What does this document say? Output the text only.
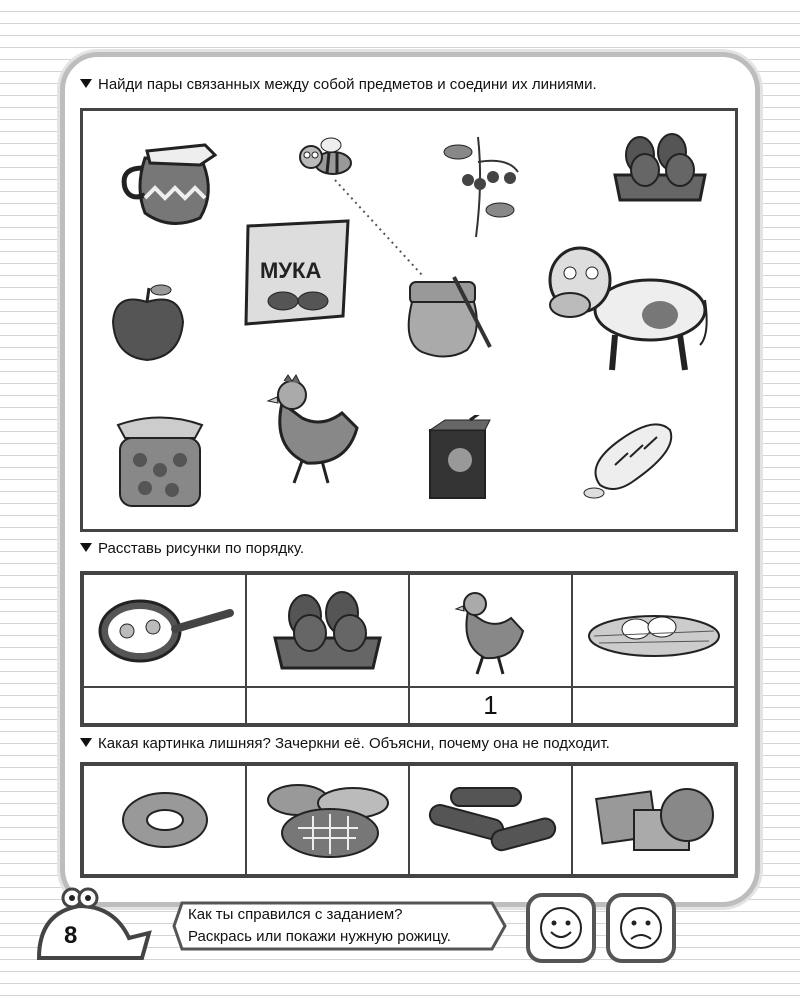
Найди пары связанных между собой предметов и соедини их линиями.
МУКА
Расставь рисунки по порядку.
1
Какая картинка лишняя? Зачеркни её. Объясни, почему она не подходит.
8
Как ты справился с заданием?
Раскрась или покажи нужную рожицу.
